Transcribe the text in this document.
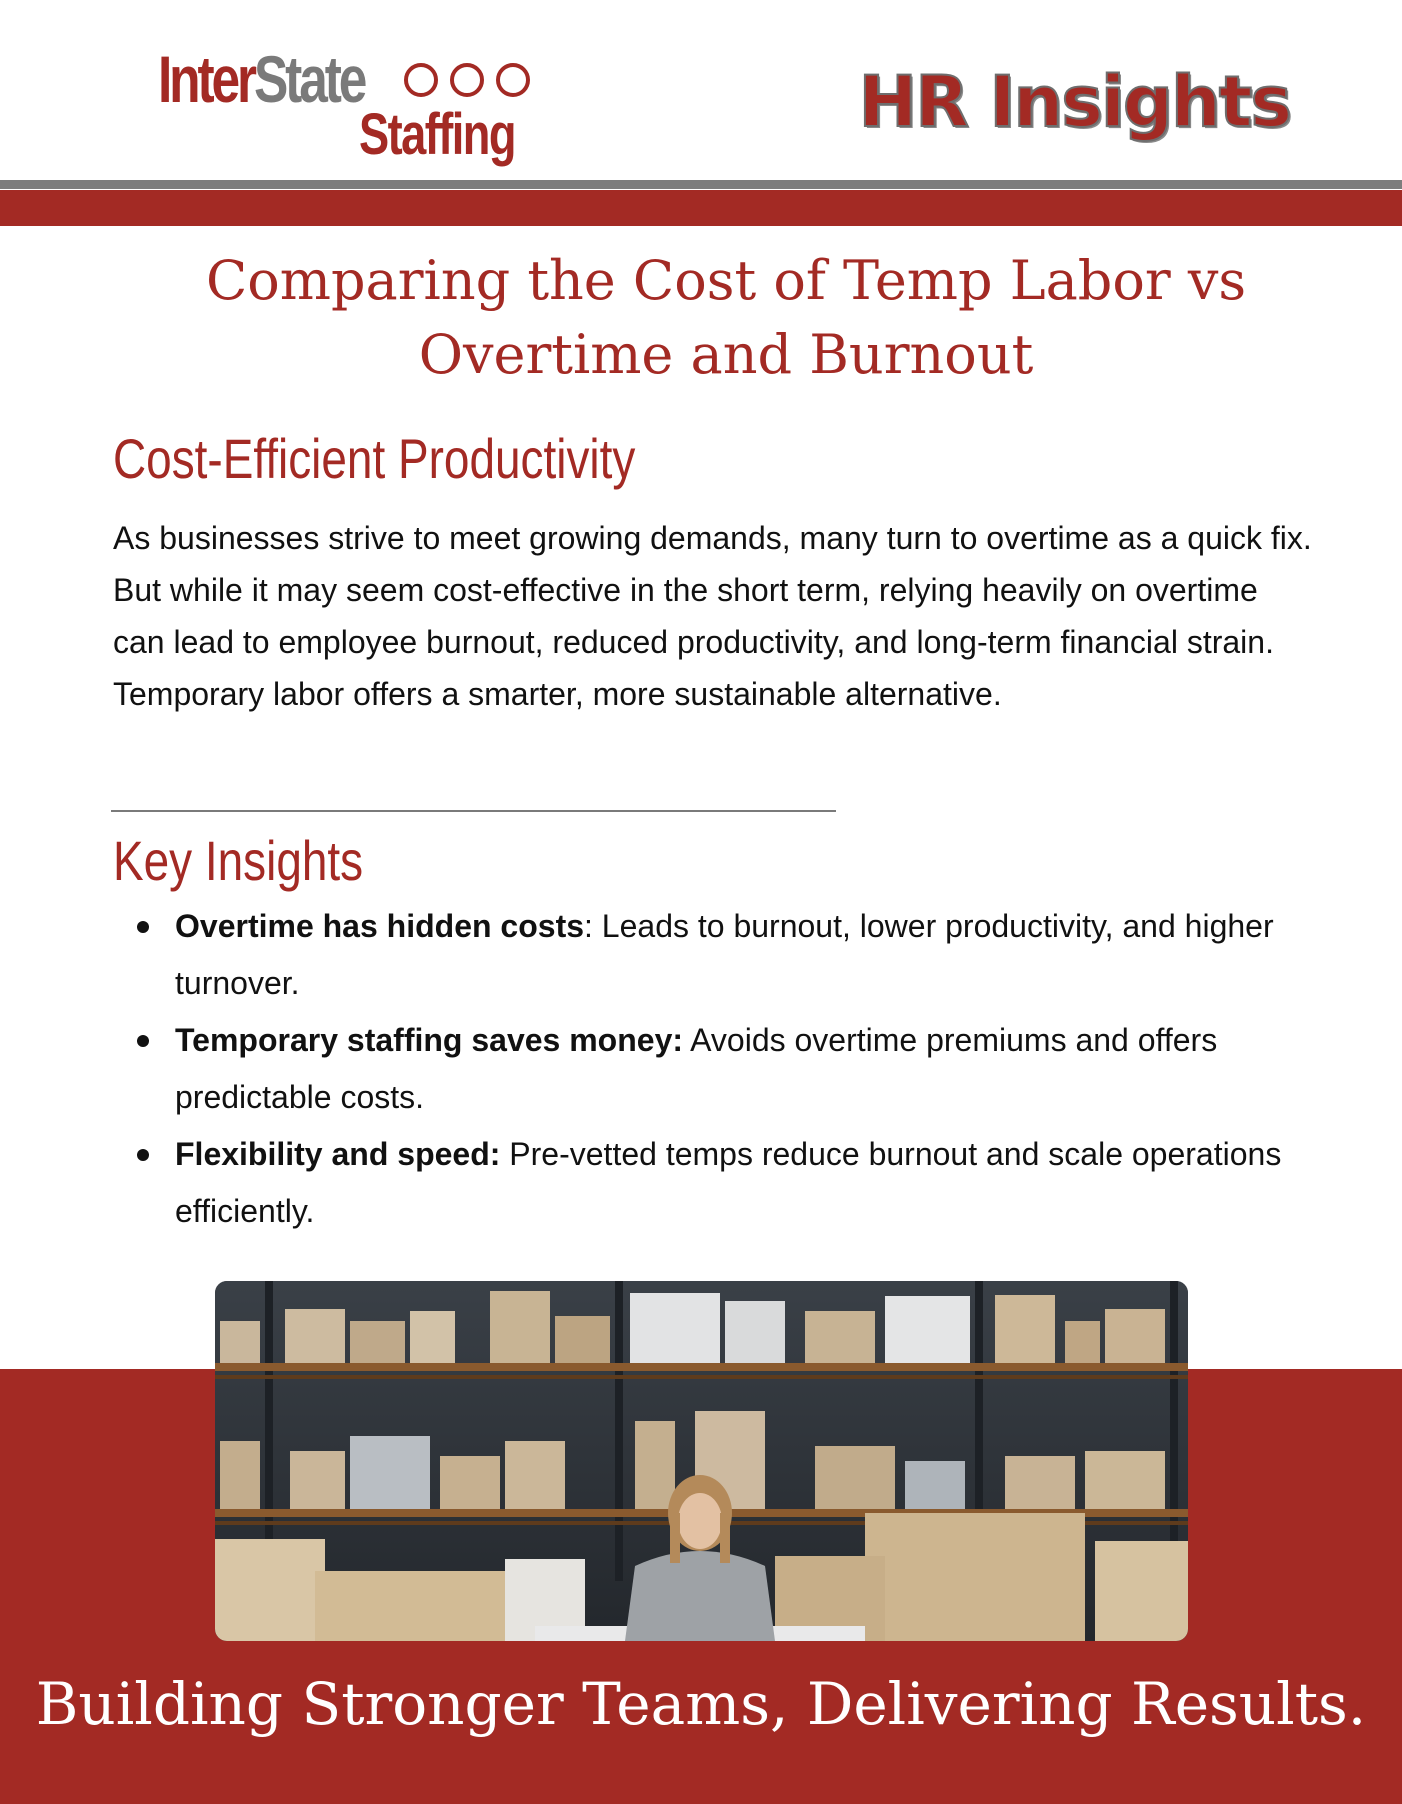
InterState
Staffing	HR Insights
Comparing the Cost of Temp Labor vs Overtime and Burnout
Cost-Efficient Productivity

As businesses strive to meet growing demands, many turn to overtime as a quick fix. But while it may seem cost-effective in the short term, relying heavily on overtime can lead to employee burnout, reduced productivity, and long-term financial strain. Temporary labor offers a smarter, more sustainable alternative.

Key Insights
Overtime has hidden costs: Leads to burnout, lower productivity, and higher turnover.
Temporary staffing saves money: Avoids overtime premiums and offers predictable costs.
Flexibility and speed: Pre-vetted temps reduce burnout and scale operations efficiently.

Building Stronger Teams, Delivering Results.
